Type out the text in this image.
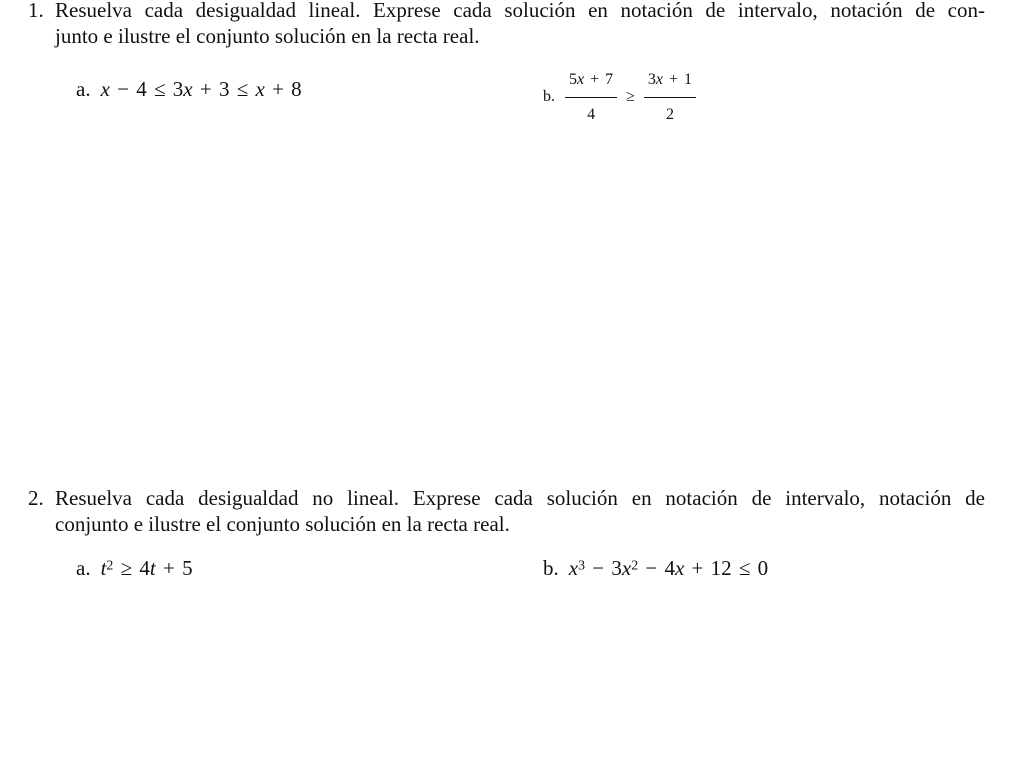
1. Resuelva cada desigualdad lineal. Exprese cada solución en notación de intervalo, notación de con-
junto e ilustre el conjunto solución en la recta real.
a. x − 4 ≤ 3x + 3 ≤ x + 8	b. $\frac{5x + 7}{4} \ge \frac{3x + 1}{2}$
2. Resuelva cada desigualdad no lineal. Exprese cada solución en notación de intervalo, notación de
conjunto e ilustre el conjunto solución en la recta real.
a. $t^2 \ge 4t + 5$	b. $x^3 - 3x^2 - 4x + 12 \le 0$
